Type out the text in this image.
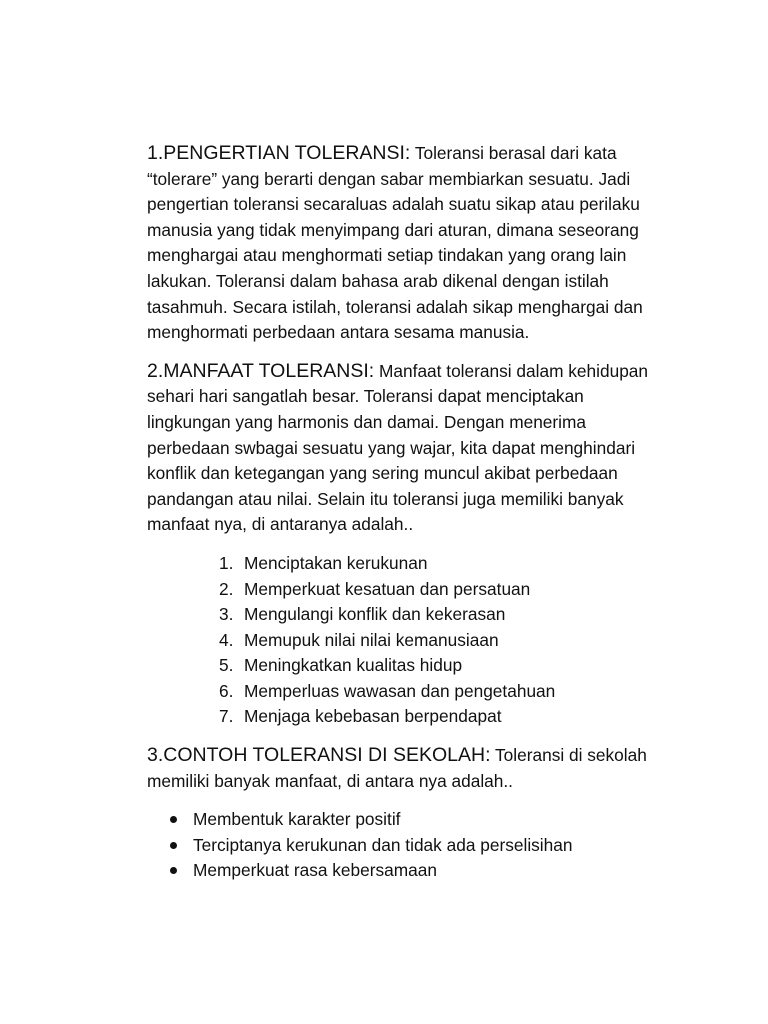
1.PENGERTIAN TOLERANSI: Toleransi berasal dari kata “tolerare” yang berarti dengan sabar membiarkan sesuatu. Jadi pengertian toleransi secaraluas adalah suatu sikap atau perilaku manusia yang tidak menyimpang dari aturan, dimana seseorang menghargai atau menghormati setiap tindakan yang orang lain lakukan. Toleransi dalam bahasa arab dikenal dengan istilah tasahmuh. Secara istilah, toleransi adalah sikap menghargai dan menghormati perbedaan antara sesama manusia.

2.MANFAAT TOLERANSI: Manfaat toleransi dalam kehidupan sehari hari sangatlah besar. Toleransi dapat menciptakan lingkungan yang harmonis dan damai. Dengan menerima perbedaan swbagai sesuatu yang wajar, kita dapat menghindari konflik dan ketegangan yang sering muncul akibat perbedaan pandangan atau nilai. Selain itu toleransi juga memiliki banyak manfaat nya, di antaranya adalah..

1. Menciptakan kerukunan
2. Memperkuat kesatuan dan persatuan
3. Mengulangi konflik dan kekerasan
4. Memupuk nilai nilai kemanusiaan
5. Meningkatkan kualitas hidup
6. Memperluas wawasan dan pengetahuan
7. Menjaga kebebasan berpendapat

3.CONTOH TOLERANSI DI SEKOLAH: Toleransi di sekolah memiliki banyak manfaat, di antara nya adalah..

Membentuk karakter positif
Terciptanya kerukunan dan tidak ada perselisihan
Memperkuat rasa kebersamaan
